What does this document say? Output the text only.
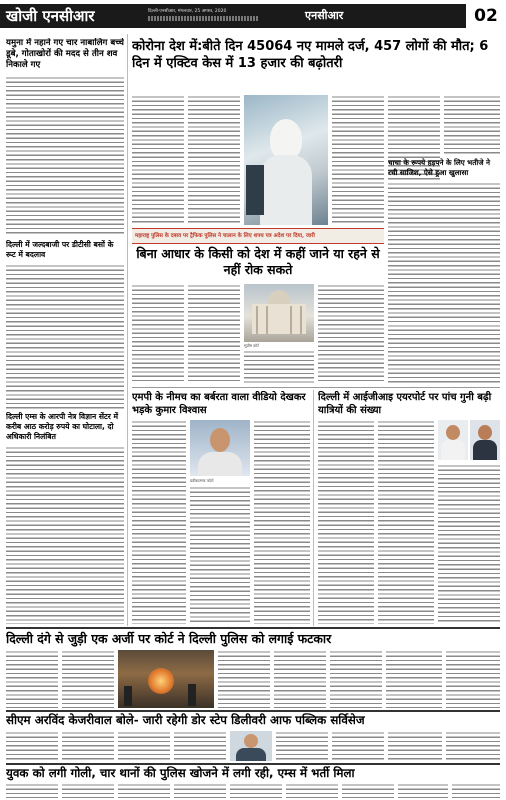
खोजी एनसीआर	दिल्ली-एनसीआर, मंगलवार, 25 अगस्त, 2020	एनसीआर	02
यमुना में नहाने गए चार नाबालिग बच्चे डूबे, गोताखोरों की मदद से तीन शव निकाले गए
दिल्ली में जल्दबाजी पर डीटीसी बसों के रूट में बदलाव
दिल्ली एम्स के आरपी नेत्र विज्ञान सेंटर में करीब आठ करोड़ रुपये का घोटाला, दो अधिकारी निलंबित
कोरोना देश में:बीते दिन 45064 नए मामले दर्ज, 457 लोगों की मौत; 6 दिन में एक्टिव केस में 13 हजार की बढ़ोतरी
चाचा के रूपये हड़पने के लिए भतीजे ने रची साजिश, ऐसे हुआ खुलासा
महाराष्ट्र पुलिस के दबाव पर ट्रैफिक पुलिस ने चालान के लिए शपथ पत्र अदेश पर दिया, जारी
बिना आधार के किसी को देश में कहीं जाने या रहने से नहीं रोक सकते
सुप्रीम कोर्ट
एमपी के नीमच का बर्बरता वाला वीडियो देखकर भड़के कुमार विश्वास
प्रतीकात्मक फोटो
दिल्ली में आईजीआइ एयरपोर्ट पर पांच गुनी बढ़ी यात्रियों की संख्या
दिल्ली दंगे से जुड़ी एक अर्जी पर कोर्ट ने दिल्ली पुलिस को लगाई फटकार
सीएम अरविंद केजरीवाल बोले- जारी रहेगी डोर स्टेप डिलीवरी आफ पब्लिक सर्विसेज
युवक को लगी गोली, चार थानों की पुलिस खोजने में लगी रही, एम्स में भर्ती मिला
